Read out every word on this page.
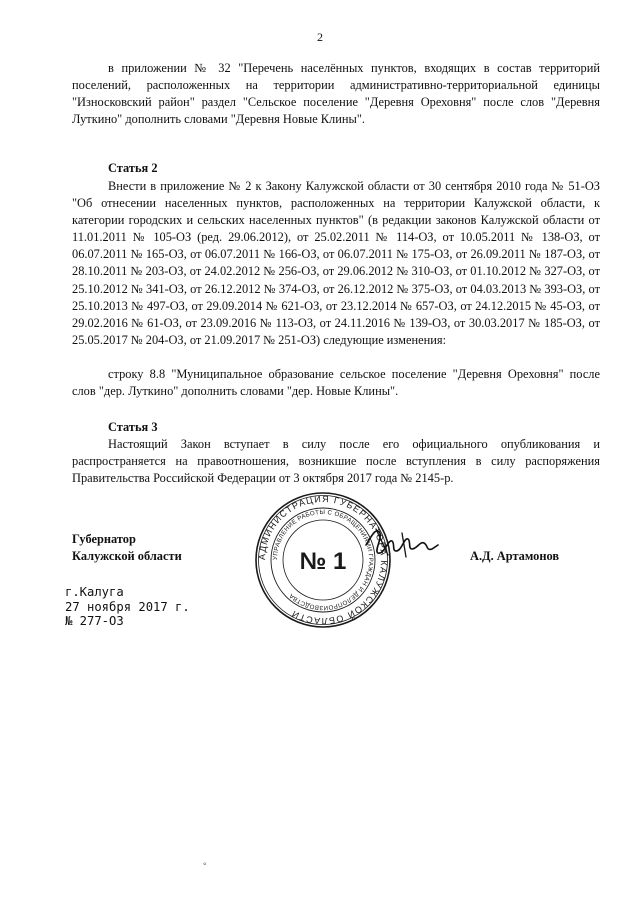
2

в приложении № 32 "Перечень населённых пунктов, входящих в состав территорий поселений, расположенных на территории административно-территориальной единицы "Износковский район" раздел "Сельское поселение "Деревня Ореховня" после слов "Деревня Луткино" дополнить словами "Деревня Новые Клины".

Статья 2

Внести в приложение № 2 к Закону Калужской области от 30 сентября 2010 года № 51-ОЗ "Об отнесении населенных пунктов, расположенных на территории Калужской области, к категории городских и сельских населенных пунктов" (в редакции законов Калужской области от 11.01.2011 № 105-ОЗ (ред. 29.06.2012), от 25.02.2011 № 114-ОЗ, от 10.05.2011 № 138-ОЗ, от 06.07.2011 № 165-ОЗ, от 06.07.2011 № 166-ОЗ, от 06.07.2011 № 175-ОЗ, от 26.09.2011 № 187-ОЗ, от 28.10.2011 № 203-ОЗ, от 24.02.2012 № 256-ОЗ, от 29.06.2012 № 310-ОЗ, от 01.10.2012 № 327-ОЗ, от 25.10.2012 № 341-ОЗ, от 26.12.2012 № 374-ОЗ, от 26.12.2012 № 375-ОЗ, от 04.03.2013 № 393-ОЗ, от 25.10.2013 № 497-ОЗ, от 29.09.2014 № 621-ОЗ, от 23.12.2014 № 657-ОЗ, от 24.12.2015 № 45-ОЗ, от 29.02.2016 № 61-ОЗ, от 23.09.2016 № 113-ОЗ, от 24.11.2016 № 139-ОЗ, от 30.03.2017 № 185-ОЗ, от 25.05.2017 № 204-ОЗ, от 21.09.2017 № 251-ОЗ) следующие изменения:

строку 8.8 "Муниципальное образование сельское поселение "Деревня Ореховня" после слов "дер. Луткино" дополнить словами "дер. Новые Клины".

Статья 3

Настоящий Закон вступает в силу после его официального опубликования и распространяется на правоотношения, возникшие после вступления в силу распоряжения Правительства Российской Федерации от 3 октября 2017 года № 2145-р.

Губернатор
Калужской области	А.Д. Артамонов
АДМИНИСТРАЦИЯ ГУБЕРНАТОРА КАЛУЖСКОЙ ОБЛАСТИ
УПРАВЛЕНИЕ РАБОТЫ С ОБРАЩЕНИЯМИ ГРАЖДАН И ДЕЛОПРОИЗВОДСТВА
№ 1
г.Калуга
27 ноября 2017 г.
№ 277-ОЗ
◦
